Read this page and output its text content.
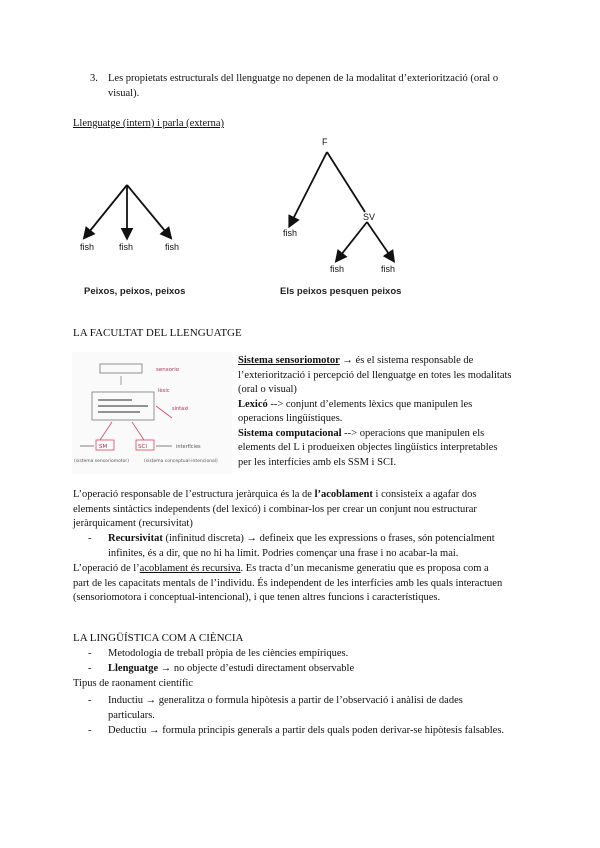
3. Les propietats estructurals del llenguatge no depenen de la modalitat d’exteriorització (oral o
visual).
Llenguatge (intern) i parla (externa)
fish	fish	fish
Peixos, peixos, peixos
F
SV
fish
fish	fish
Els peixos pesquen peixos
LA FACULTAT DEL LLENGUATGE
sensorio
lèxic
sintaxi
SM	SCI	interfícies
(sistema sensoriomotor)	(sistema conceptual-intencional)
Sistema sensoriomotor → és el sistema responsable de
l’exteriorització i percepció del llenguatge en totes les modalitats
(oral o visual)
Lexicó --> conjunt d’elements lèxics que manipulen les
operacions lingüístiques.
Sistema computacional --> operacions que manipulen els
elements del L i produeixen objectes lingüístics interpretables
per les interfícies amb els SSM i SCI.
L’operació responsable de l’estructura jeràrquica és la de l’acoblament i consisteix a agafar dos
elements sintàctics independents (del lexicó) i combinar-los per crear un conjunt nou estructurar
jeràrquicament (recursivitat)
- Recursivitat (infinitud discreta) → defineix que les expressions o frases, són potencialment
infinites, és a dir, que no hi ha límit. Podries començar una frase i no acabar-la mai.
L’operació de l’acoblament és recursiva. Es tracta d’un mecanisme generatiu que es proposa com a
part de les capacitats mentals de l’individu. És independent de les interfícies amb les quals interactuen
(sensoriomotora i conceptual-intencional), i que tenen altres funcions i característiques.
LA LINGÜÍSTICA COM A CIÈNCIA
- Metodologia de treball pròpia de les ciències empíriques.
- Llenguatge → no objecte d’estudi directament observable
Tipus de raonament científic
- Inductiu → generalitza o formula hipòtesis a partir de l’observació i anàlisi de dades
particulars.
- Deductiu → formula principis generals a partir dels quals poden derivar-se hipòtesis falsables.
